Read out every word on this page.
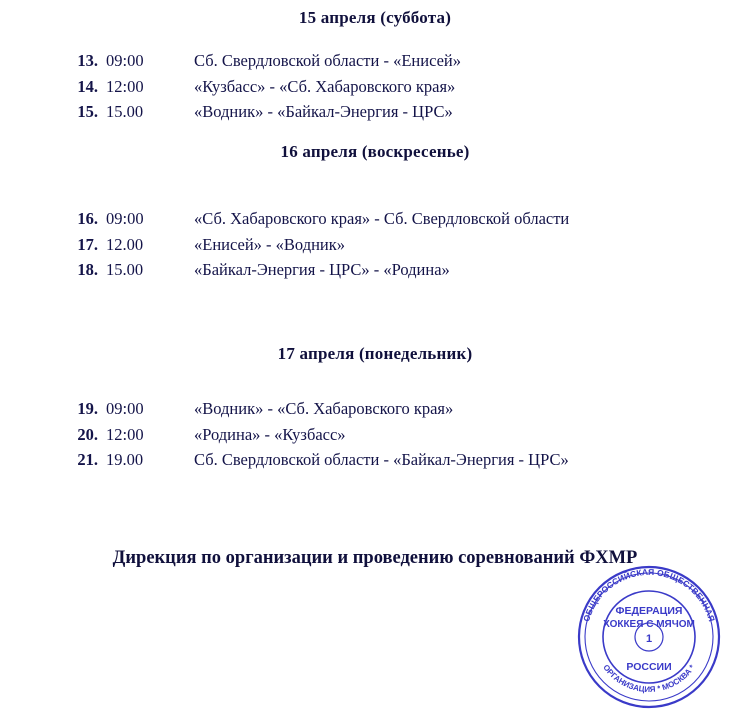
15 апреля (суббота)
13. 09:00	Сб. Свердловской области - «Енисей»
14. 12:00	«Кузбасс» - «Сб. Хабаровского края»
15. 15.00	«Водник» - «Байкал-Энергия - ЦРС»
16 апреля (воскресенье)
16. 09:00	«Сб. Хабаровского края» - Сб. Свердловской области
17. 12.00	«Енисей» - «Водник»
18. 15.00	«Байкал-Энергия - ЦРС» - «Родина»
17 апреля (понедельник)
19. 09:00	«Водник» - «Сб. Хабаровского края»
20. 12:00	«Родина» - «Кузбасс»
21. 19.00	Сб. Свердловской области - «Байкал-Энергия - ЦРС»
Дирекция по организации и проведению соревнований ФХМР
ОБЩЕРОССИЙСКАЯ ОБЩЕСТВЕННАЯ
ОРГАНИЗАЦИЯ * МОСКВА *
ФЕДЕРАЦИЯ
ХОККЕЯ С МЯЧОМ
РОССИИ
1
